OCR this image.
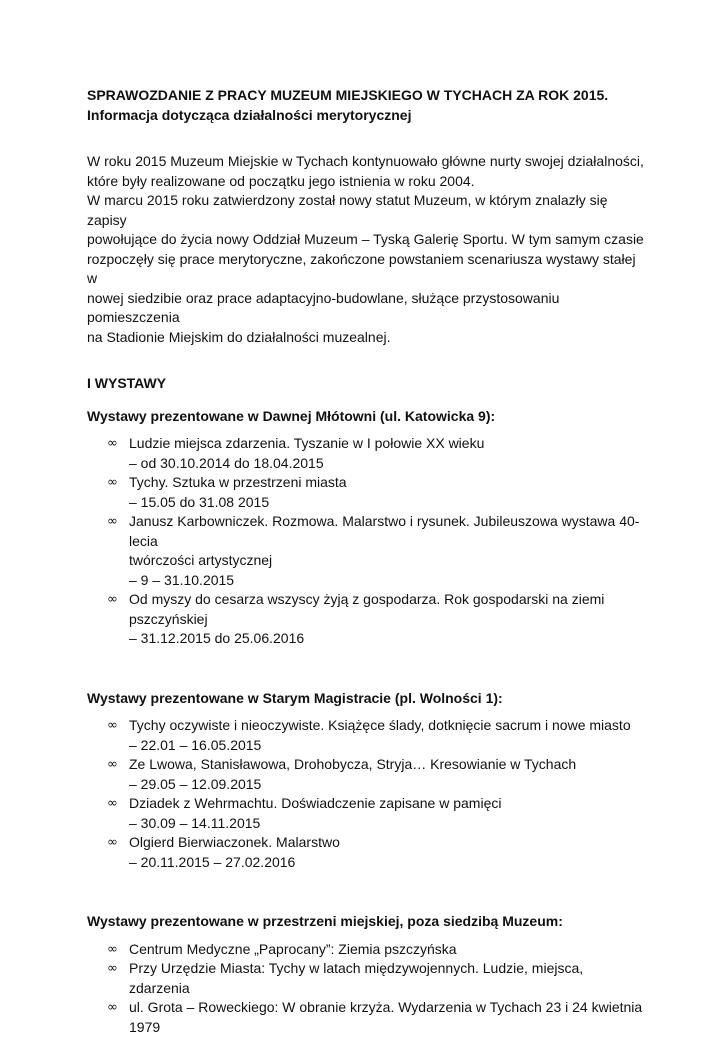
SPRAWOZDANIE Z PRACY MUZEUM MIEJSKIEGO W TYCHACH ZA ROK 2015.
Informacja dotycząca działalności merytorycznej

W roku 2015 Muzeum Miejskie w Tychach kontynuowało główne nurty swojej działalności,

które były realizowane od początku jego istnienia w roku 2004.

W marcu 2015 roku zatwierdzony został nowy statut Muzeum, w którym znalazły się zapisy

powołujące do życia nowy Oddział Muzeum – Tyską Galerię Sportu. W tym samym czasie

rozpoczęły się prace merytoryczne, zakończone powstaniem scenariusza wystawy stałej w

nowej siedzibie oraz prace adaptacyjno-budowlane, służące przystosowaniu pomieszczenia

na Stadionie Miejskim do działalności muzealnej.

I WYSTAWY
Wystawy prezentowane w Dawnej Młótowni (ul. Katowicka 9):
∞ Ludzie miejsca zdarzenia. Tyszanie w I połowie XX wieku
– od 30.10.2014 do 18.04.2015
∞ Tychy. Sztuka w przestrzeni miasta
– 15.05 do 31.08 2015
∞ Janusz Karbowniczek. Rozmowa. Malarstwo i rysunek. Jubileuszowa wystawa 40-lecia
twórczości artystycznej
– 9 – 31.10.2015
∞ Od myszy do cesarza wszyscy żyją z gospodarza. Rok gospodarski na ziemi
pszczyńskiej
– 31.12.2015 do 25.06.2016
Wystawy prezentowane w Starym Magistracie (pl. Wolności 1):
∞ Tychy oczywiste i nieoczywiste. Książęce ślady, dotknięcie sacrum i nowe miasto
– 22.01 – 16.05.2015
∞ Ze Lwowa, Stanisławowa, Drohobycza, Stryja… Kresowianie w Tychach
– 29.05 – 12.09.2015
∞ Dziadek z Wehrmachtu. Doświadczenie zapisane w pamięci
– 30.09 – 14.11.2015
∞ Olgierd Bierwiaczonek. Malarstwo
– 20.11.2015 – 27.02.2016
Wystawy prezentowane w przestrzeni miejskiej, poza siedzibą Muzeum:
∞ Centrum Medyczne „Paprocany”: Ziemia pszczyńska
∞ Przy Urzędzie Miasta: Tychy w latach międzywojennych. Ludzie, miejsca, zdarzenia
∞ ul. Grota – Roweckiego: W obranie krzyża. Wydarzenia w Tychach 23 i 24 kwietnia
1979
